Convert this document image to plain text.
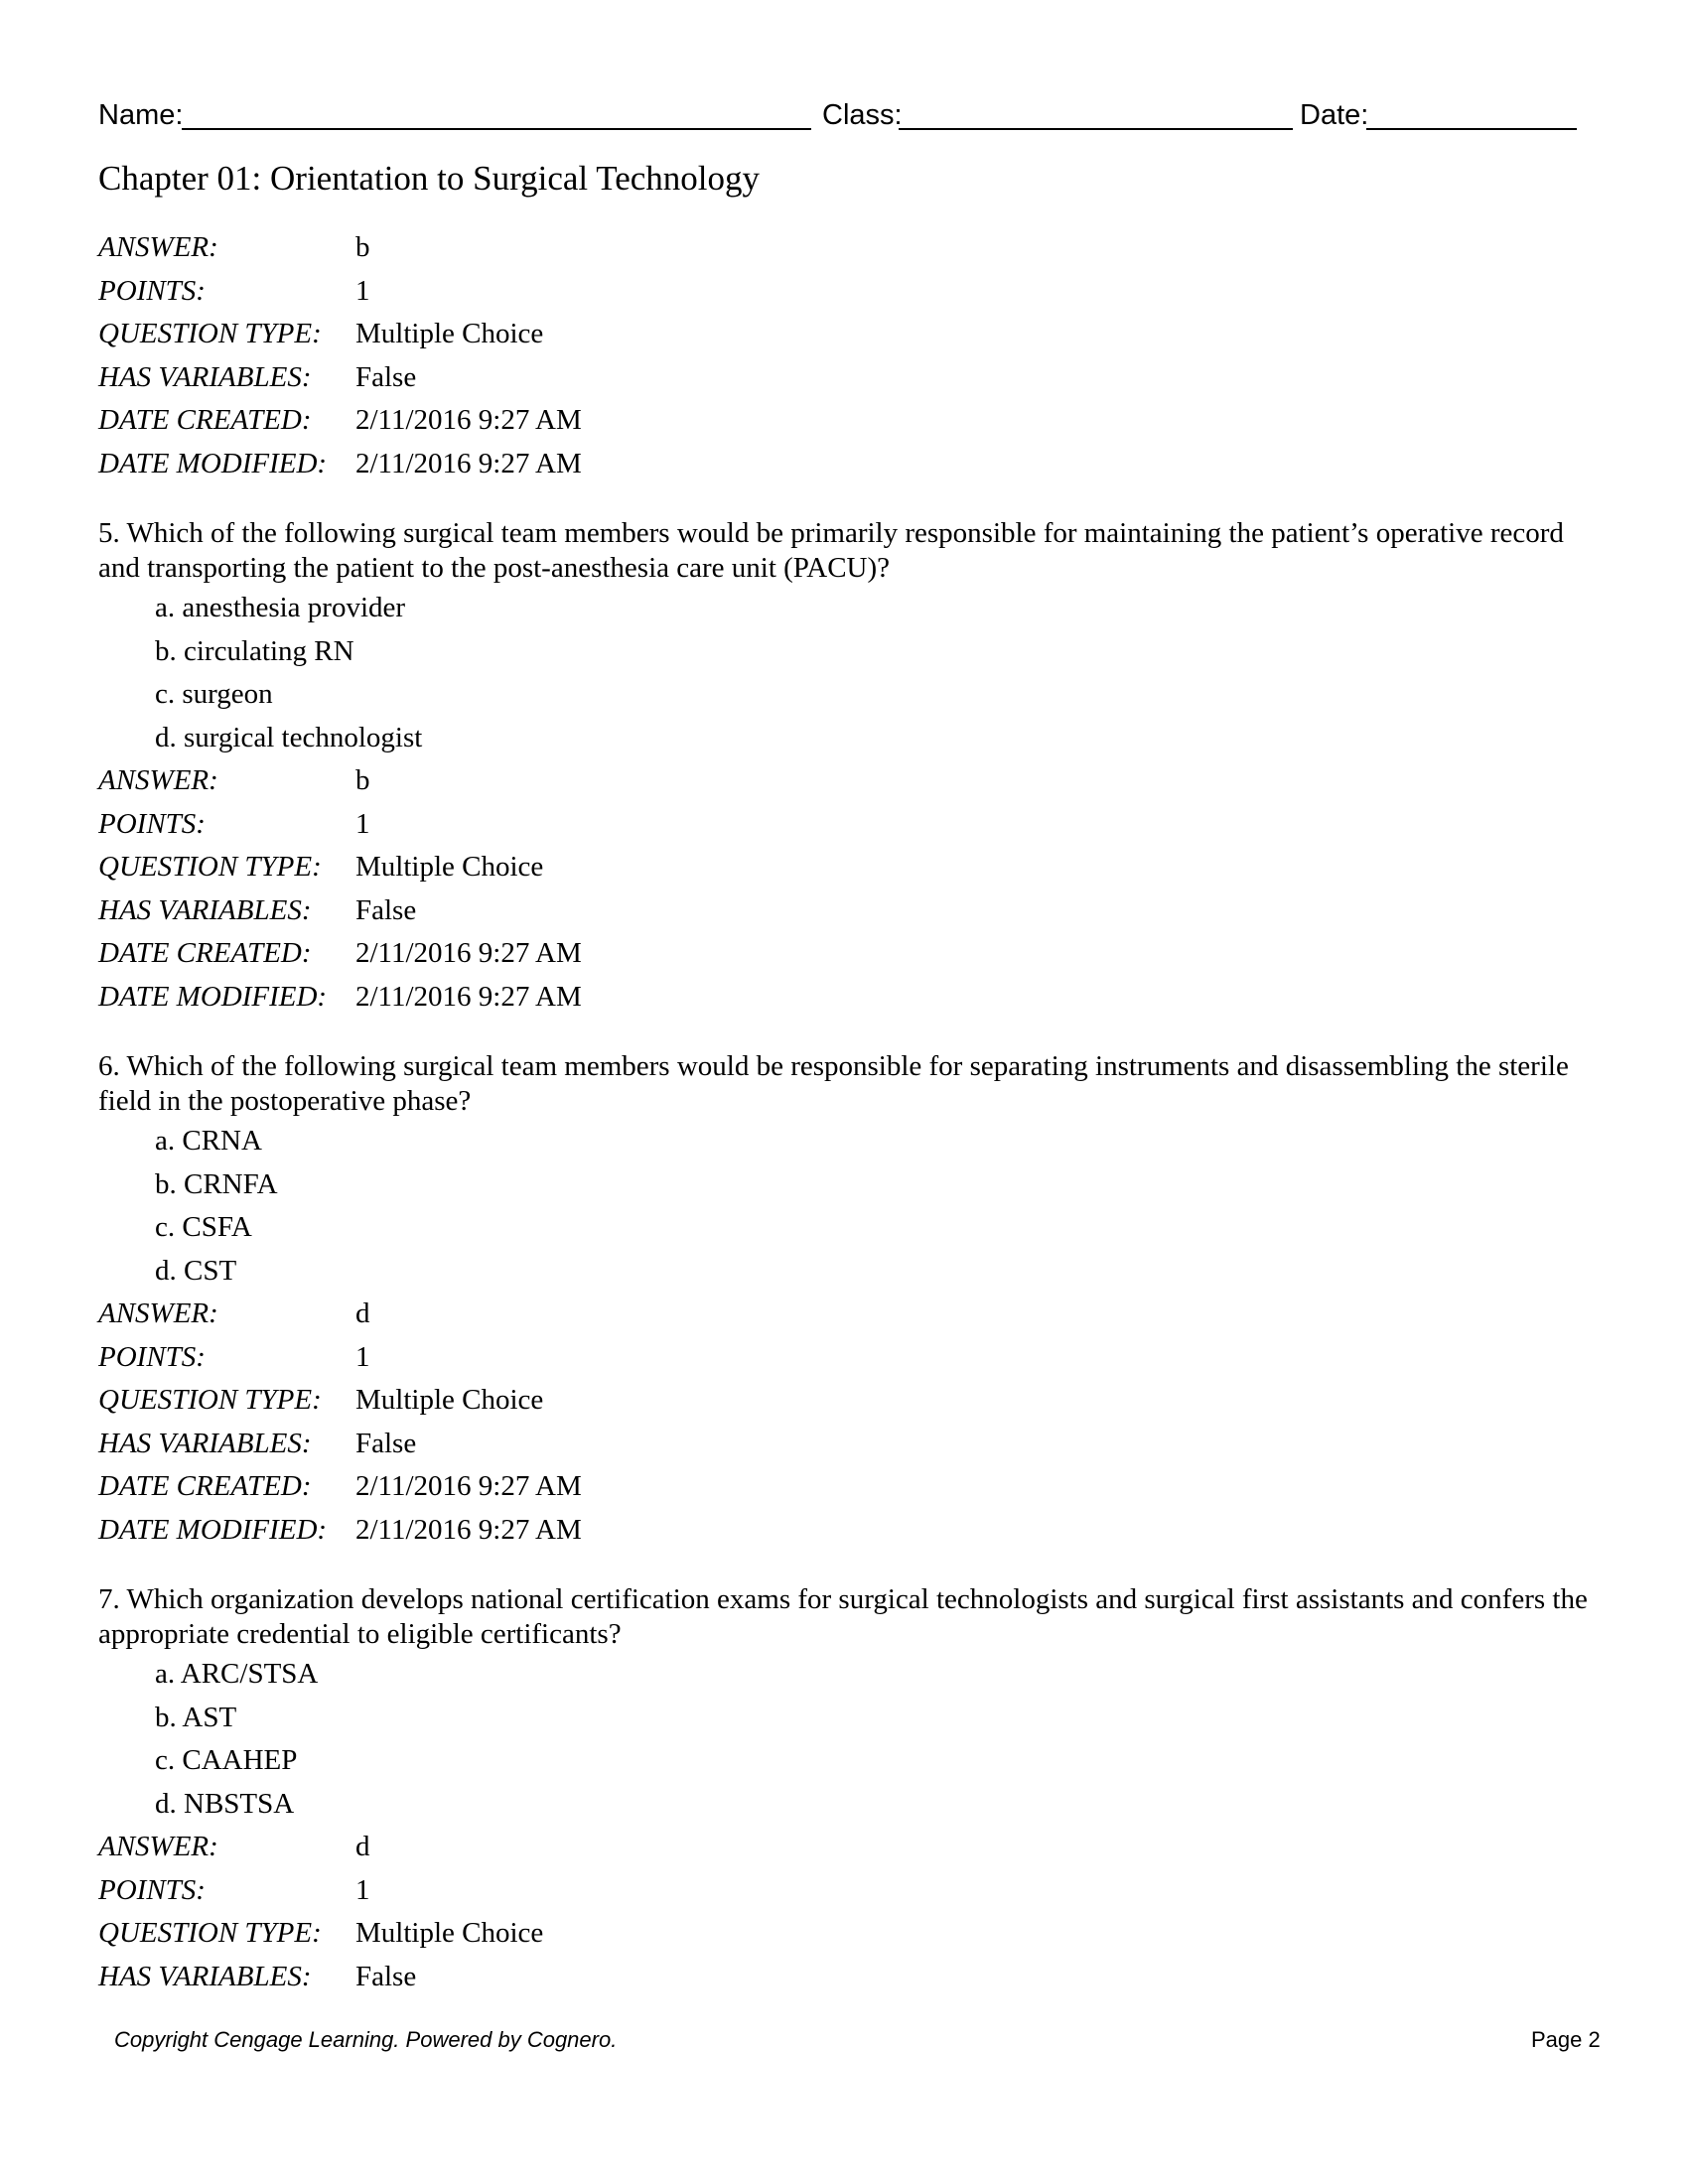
Name:	Class:	Date:
Chapter 01: Orientation to Surgical Technology
ANSWER:	b
POINTS:	1
QUESTION TYPE: Multiple Choice
HAS VARIABLES: False
DATE CREATED: 2/11/2016 9:27 AM
DATE MODIFIED: 2/11/2016 9:27 AM
5. Which of the following surgical team members would be primarily responsible for maintaining the patient’s operative record and transporting the patient to the post-anesthesia care unit (PACU)?
a. anesthesia provider
b. circulating RN
c. surgeon
d. surgical technologist
ANSWER:	b
POINTS:	1
QUESTION TYPE: Multiple Choice
HAS VARIABLES: False
DATE CREATED: 2/11/2016 9:27 AM
DATE MODIFIED: 2/11/2016 9:27 AM
6. Which of the following surgical team members would be responsible for separating instruments and disassembling the sterile field in the postoperative phase?
a. CRNA
b. CRNFA
c. CSFA
d. CST
ANSWER:	d
POINTS:	1
QUESTION TYPE: Multiple Choice
HAS VARIABLES: False
DATE CREATED: 2/11/2016 9:27 AM
DATE MODIFIED: 2/11/2016 9:27 AM
7. Which organization develops national certification exams for surgical technologists and surgical first assistants and confers the appropriate credential to eligible certificants?
a. ARC/STSA
b. AST
c. CAAHEP
d. NBSTSA
ANSWER:	d
POINTS:	1
QUESTION TYPE: Multiple Choice
HAS VARIABLES: False
Copyright Cengage Learning. Powered by Cognero.	Page 2
